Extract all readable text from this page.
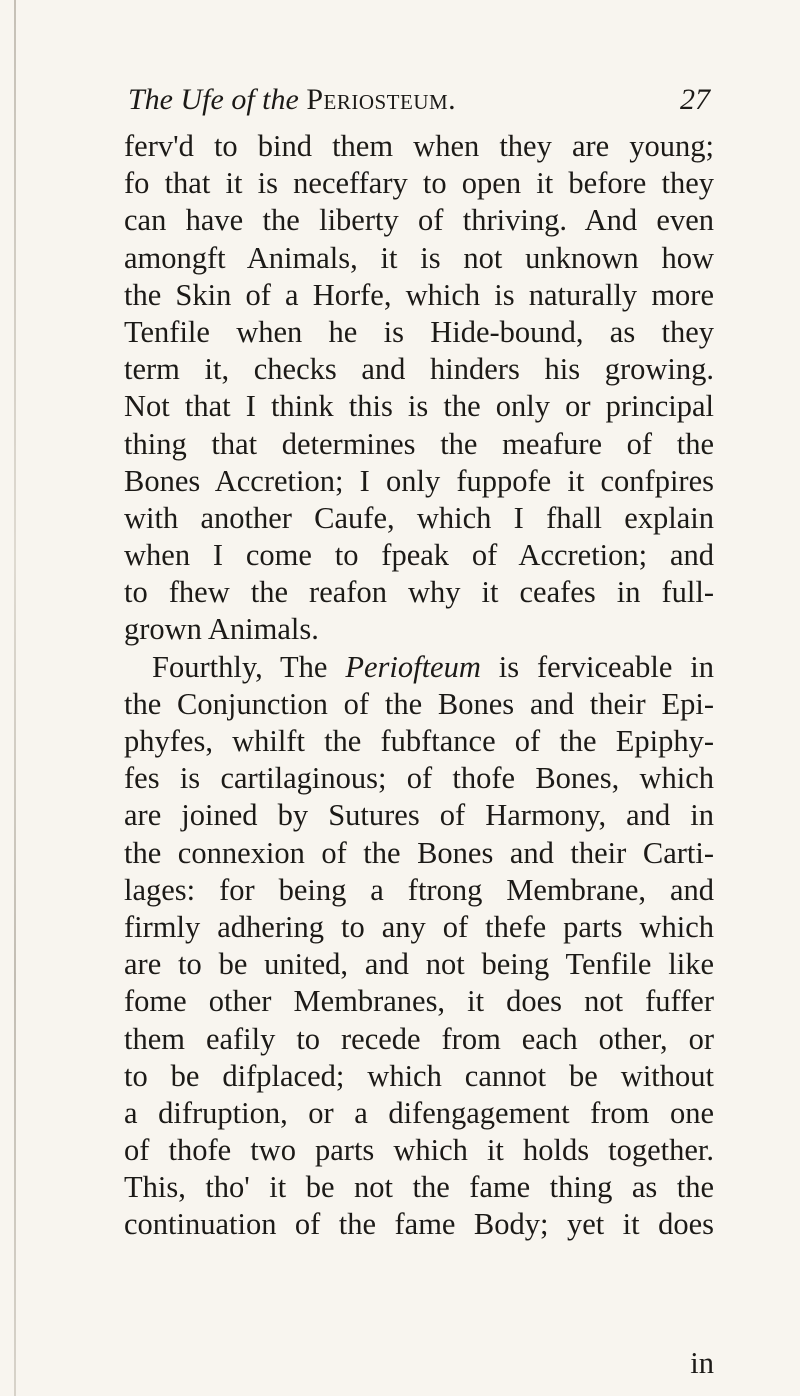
The Ufe of the Periosteum.	27
ferv'd to bind them when they are young;
fo that it is neceffary to open it before they
can have the liberty of thriving. And even
amongft Animals, it is not unknown how
the Skin of a Horfe, which is naturally more
Tenfile when he is Hide-bound, as they
term it, checks and hinders his growing.
Not that I think this is the only or principal
thing that determines the meafure of the
Bones Accretion; I only fuppofe it confpires
with another Caufe, which I fhall explain
when I come to fpeak of Accretion; and
to fhew the reafon why it ceafes in full-
grown Animals.
Fourthly, The Periofteum is ferviceable in
the Conjunction of the Bones and their Epi-
phyfes, whilft the fubftance of the Epiphy-
fes is cartilaginous; of thofe Bones, which
are joined by Sutures of Harmony, and in
the connexion of the Bones and their Carti-
lages: for being a ftrong Membrane, and
firmly adhering to any of thefe parts which
are to be united, and not being Tenfile like
fome other Membranes, it does not fuffer
them eafily to recede from each other, or
to be difplaced; which cannot be without
a difruption, or a difengagement from one
of thofe two parts which it holds together.
This, tho' it be not the fame thing as the
continuation of the fame Body; yet it does
in
